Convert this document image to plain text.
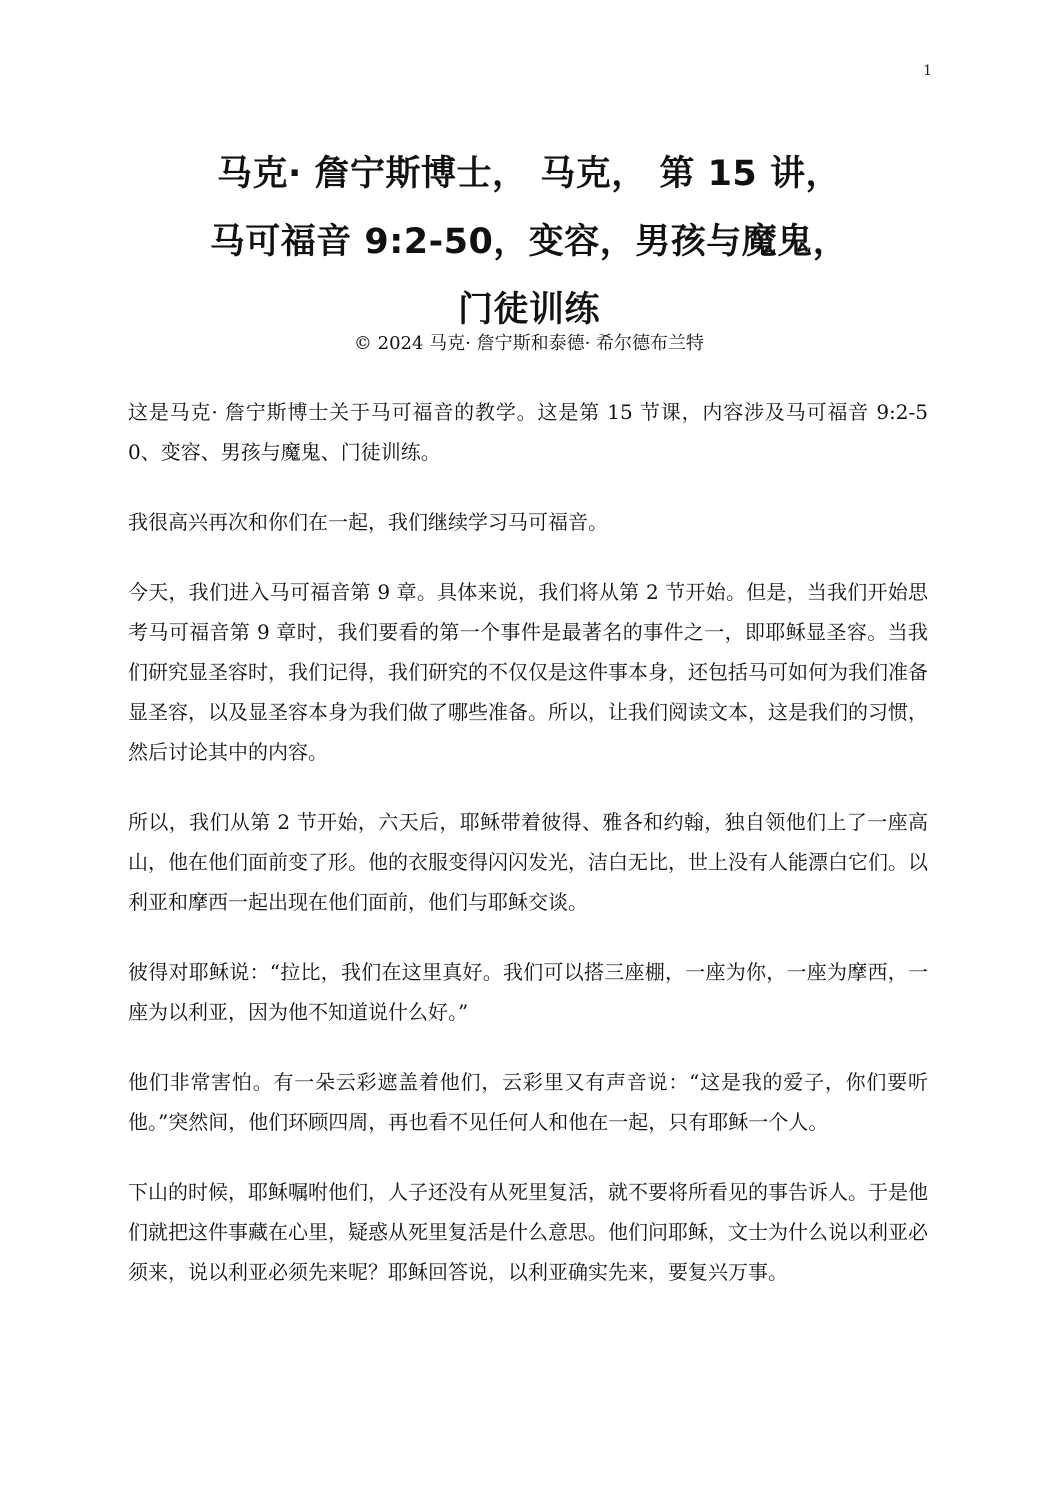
1
马克· 詹宁斯博士， 马克， 第 15 讲，
马可福音 9:2-50，变容，男孩与魔鬼，
门徒训练
© 2024 马克· 詹宁斯和泰德· 希尔德布兰特

这是马克· 詹宁斯博士关于马可福音的教学。这是第 15 节课，内容涉及马可福音 9:2-50、变容、男孩与魔鬼、门徒训练。

我很高兴再次和你们在一起，我们继续学习马可福音。

今天，我们进入马可福音第 9 章。具体来说，我们将从第 2 节开始。但是，当我们开始思考马可福音第 9 章时，我们要看的第一个事件是最著名的事件之一，即耶稣显圣容。当我们研究显圣容时，我们记得，我们研究的不仅仅是这件事本身，还包括马可如何为我们准备显圣容，以及显圣容本身为我们做了哪些准备。所以，让我们阅读文本，这是我们的习惯，然后讨论其中的内容。

所以，我们从第 2 节开始，六天后，耶稣带着彼得、雅各和约翰，独自领他们上了一座高山，他在他们面前变了形。他的衣服变得闪闪发光，洁白无比，世上没有人能漂白它们。以利亚和摩西一起出现在他们面前，他们与耶稣交谈。

彼得对耶稣说：“拉比，我们在这里真好。我们可以搭三座棚，一座为你，一座为摩西，一座为以利亚，因为他不知道说什么好。”

他们非常害怕。有一朵云彩遮盖着他们，云彩里又有声音说：“这是我的爱子，你们要听他。”突然间，他们环顾四周，再也看不见任何人和他在一起，只有耶稣一个人。

下山的时候，耶稣嘱咐他们，人子还没有从死里复活，就不要将所看见的事告诉人。于是他们就把这件事藏在心里，疑惑从死里复活是什么意思。他们问耶稣，文士为什么说以利亚必须来，说以利亚必须先来呢？耶稣回答说，以利亚确实先来，要复兴万事。
